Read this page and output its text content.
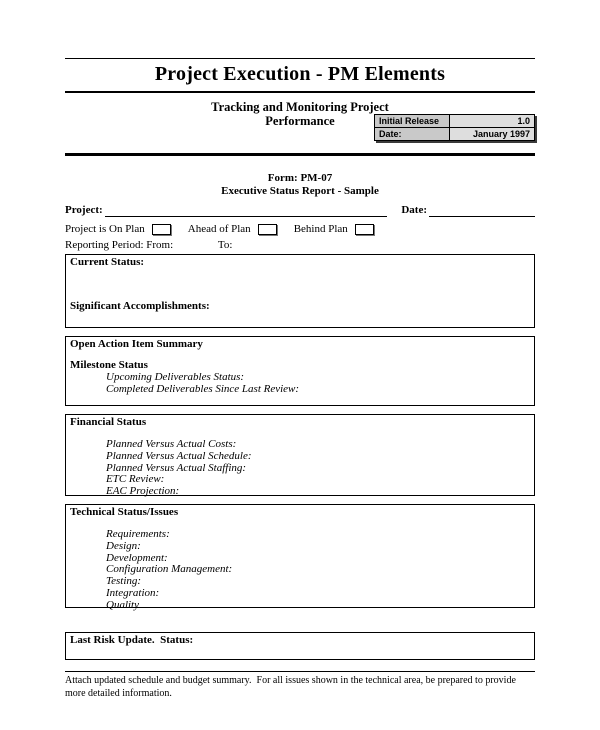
Project Execution - PM Elements
Tracking and Monitoring Project
Performance	Initial Release	1.0
Date:	January 1997
Form: PM-07
Executive Status Report - Sample
Project:	Date:
Project is On Plan	Ahead of Plan	Behind Plan
Reporting Period: From:	To:
Current Status:
Significant Accomplishments:
Open Action Item Summary
Milestone Status
Upcoming Deliverables Status:
Completed Deliverables Since Last Review:
Financial Status
Planned Versus Actual Costs:
Planned Versus Actual Schedule:
Planned Versus Actual Staffing:
ETC Review:
EAC Projection:
Technical Status/Issues
Requirements:
Design:
Development:
Configuration Management:
Testing:
Integration:
Quality
Last Risk Update.  Status:
Attach updated schedule and budget summary.  For all issues shown in the technical area, be prepared to provide more detailed information.
